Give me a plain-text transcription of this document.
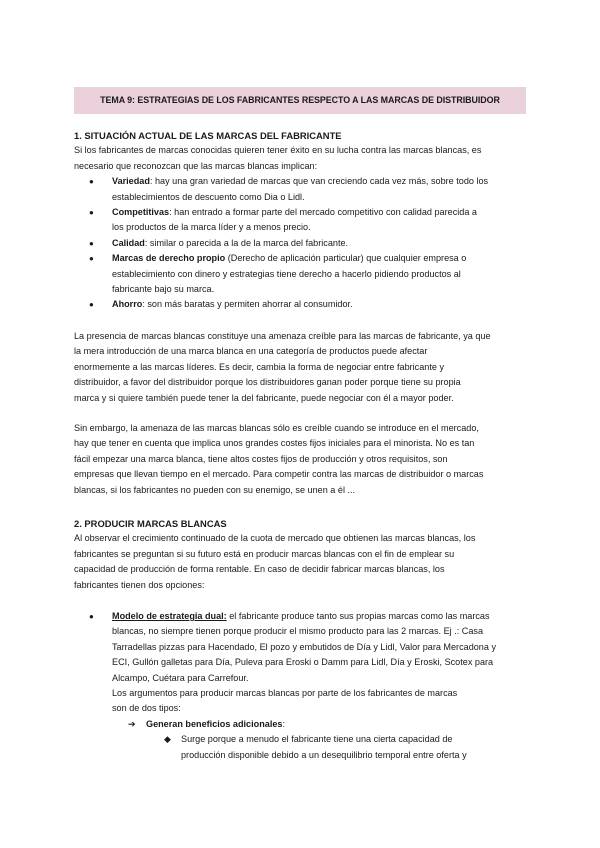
TEMA 9: ESTRATEGIAS DE LOS FABRICANTES RESPECTO A LAS MARCAS DE DISTRIBUIDOR

1. SITUACIÓN ACTUAL DE LAS MARCAS DEL FABRICANTE

Si los fabricantes de marcas conocidas quieren tener éxito en su lucha contra las marcas blancas, es

necesario que reconozcan que las marcas blancas implican:

● Variedad: hay una gran variedad de marcas que van creciendo cada vez más, sobre todo los
establecimientos de descuento como Dia o Lidl.
● Competitivas: han entrado a formar parte del mercado competitivo con calidad parecida a
los productos de la marca líder y a menos precio.
● Calidad: similar o parecida a la de la marca del fabricante.
● Marcas de derecho propio (Derecho de aplicación particular) que cualquier empresa o
establecimiento con dinero y estrategias tiene derecho a hacerlo pidiendo productos al
fabricante bajo su marca.
● Ahorro: son más baratas y permiten ahorrar al consumidor.

La presencia de marcas blancas constituye una amenaza creíble para las marcas de fabricante, ya que

la mera introducción de una marca blanca en una categoría de productos puede afectar

enormemente a las marcas líderes. Es decir, cambia la forma de negociar entre fabricante y

distribuidor, a favor del distribuidor porque los distribuidores ganan poder porque tiene su propia

marca y si quiere también puede tener la del fabricante, puede negociar con él a mayor poder.

Sin embargo, la amenaza de las marcas blancas sólo es creíble cuando se introduce en el mercado,

hay que tener en cuenta que implica unos grandes costes fijos iniciales para el minorista. No es tan

fácil empezar una marca blanca, tiene altos costes fijos de producción y otros requisitos, son

empresas que llevan tiempo en el mercado. Para competir contra las marcas de distribuidor o marcas

blancas, si los fabricantes no pueden con su enemigo, se unen a él ...

2. PRODUCIR MARCAS BLANCAS

Al observar el crecimiento continuado de la cuota de mercado que obtienen las marcas blancas, los

fabricantes se preguntan si su futuro está en producir marcas blancas con el fin de emplear su

capacidad de producción de forma rentable. En caso de decidir fabricar marcas blancas, los

fabricantes tienen dos opciones:

● Modelo de estrategia dual: el fabricante produce tanto sus propias marcas como las marcas
blancas, no siempre tienen porque producir el mismo producto para las 2 marcas. Ej .: Casa
Tarradellas pizzas para Hacendado, El pozo y embutidos de Día y Lidl, Valor para Mercadona y
ECI, Gullón galletas para Día, Puleva para Eroski o Damm para Lidl, Día y Eroski, Scotex para
Alcampo, Cuétara para Carrefour.
Los argumentos para producir marcas blancas por parte de los fabricantes de marcas
son de dos tipos:
➔ Generan beneficios adicionales:
◆ Surge porque a menudo el fabricante tiene una cierta capacidad de
producción disponible debido a un desequilibrio temporal entre oferta y
